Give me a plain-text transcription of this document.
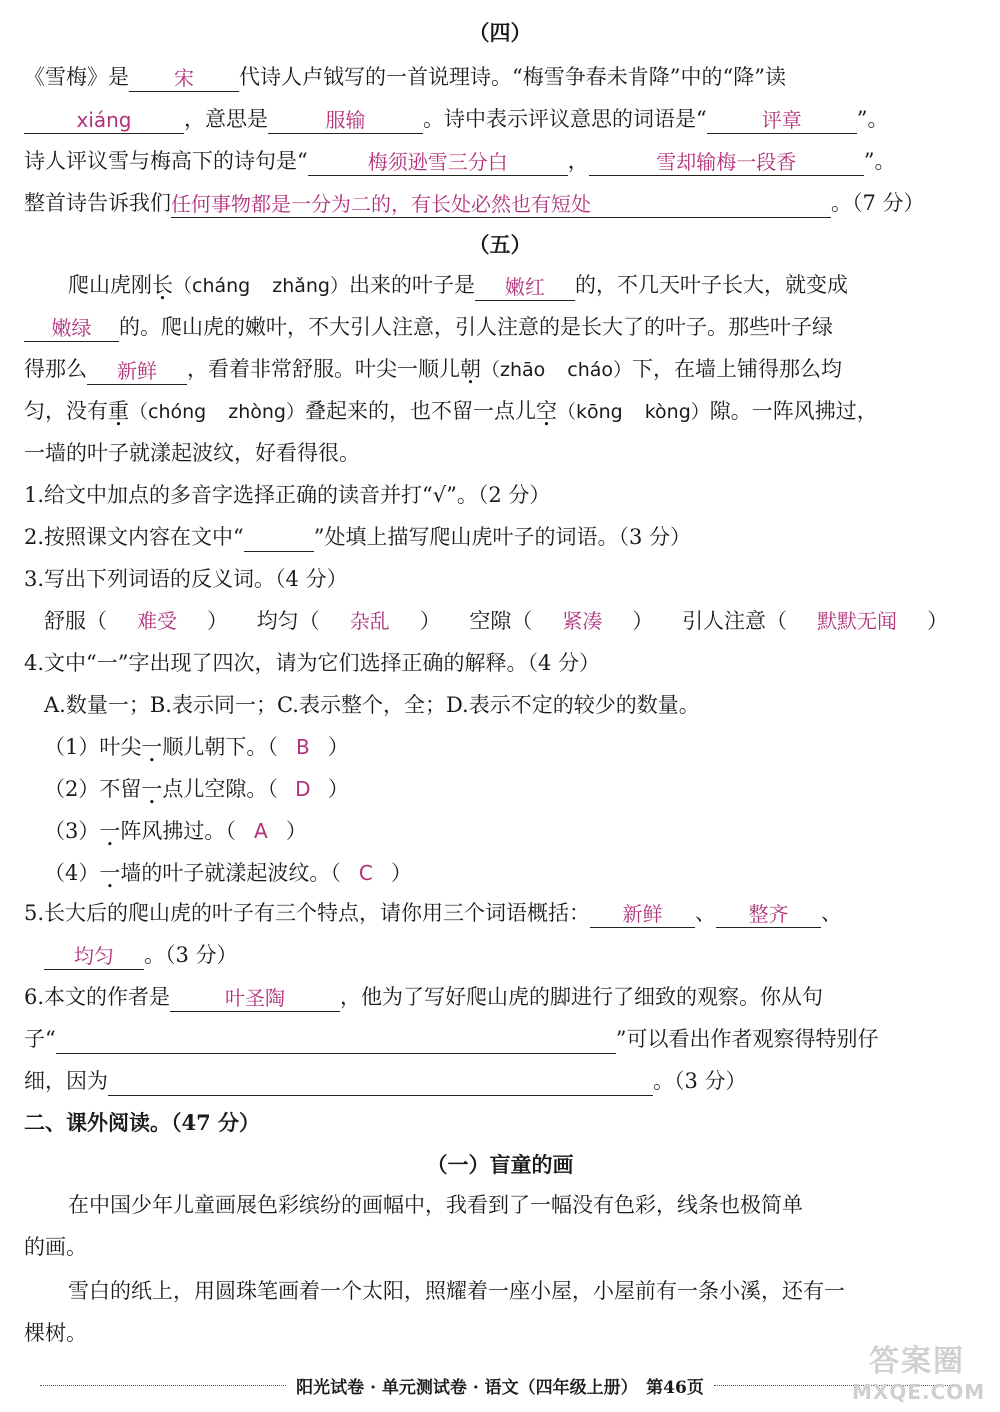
（四）
《雪梅》是 宋 代诗人卢钺写的一首说理诗。“梅雪争春未肯降”中的“降”读
xiáng ，意思是	服输	。诗中表示评议意思的词语是“	评章	”。
诗人评议雪与梅高下的诗句是“	梅须逊雪三分白	，	雪却输梅一段香	”。
整首诗告诉我们任何事物都是一分为二的，有长处必然也有短处	。（7 分）
（五）
爬山虎刚长（cháng zhǎng）出来的叶子是 嫩红 的，不几天叶子长大，就变成
嫩绿 的。爬山虎的嫩叶，不大引人注意，引人注意的是长大了的叶子。那些叶子绿
得那么 新鲜 ，看着非常舒服。叶尖一顺儿朝（zhāo cháo）下，在墙上铺得那么均
匀，没有重（chóng zhòng）叠起来的，也不留一点儿空（kōng kòng）隙。一阵风拂过，
一墙的叶子就漾起波纹，好看得很。
1.给文中加点的多音字选择正确的读音并打“√”。（2 分）
2.按照课文内容在文中“	”处填上描写爬山虎叶子的词语。（3 分）
3.写出下列词语的反义词。（4 分）
舒服（ 难受 ） 均匀（ 杂乱 ） 空隙（ 紧凑 ） 引人注意（ 默默无闻 ）
4.文中“一”字出现了四次，请为它们选择正确的解释。（4 分）
A.数量一；B.表示同一；C.表示整个，全；D.表示不定的较少的数量。
（1）叶尖一顺儿朝下。（ B ）
（2）不留一点儿空隙。（ D ）
（3）一阵风拂过。（ A ）
（4）一墙的叶子就漾起波纹。（ C ）
5.长大后的爬山虎的叶子有三个特点，请你用三个词语概括： 新鲜 、 整齐 、
均匀 。（3 分）
6.本文的作者是	叶圣陶	，他为了写好爬山虎的脚进行了细致的观察。你从句
子“	”可以看出作者观察得特别仔
细，因为	。（3 分）
二、课外阅读。（47 分）
（一）盲童的画
在中国少年儿童画展色彩缤纷的画幅中，我看到了一幅没有色彩，线条也极简单
的画。
雪白的纸上，用圆珠笔画着一个太阳，照耀着一座小屋，小屋前有一条小溪，还有一
棵树。
阳光试卷 · 单元测试卷 · 语文（四年级上册）　第46页
答案圈
MXQE.COM
